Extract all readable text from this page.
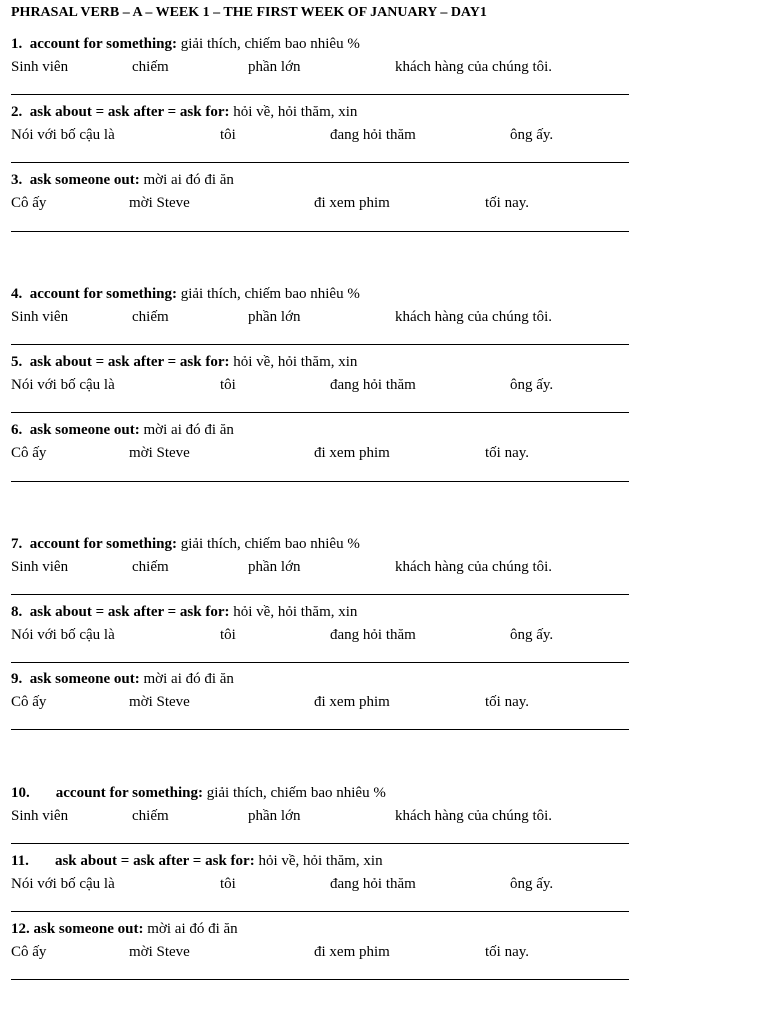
PHRASAL VERB – A – WEEK 1 – THE FIRST WEEK OF JANUARY – DAY1
1. account for something: giải thích, chiếm bao nhiêu %
Sinh viên	chiếm	phần lớn	khách hàng của chúng tôi.
2. ask about = ask after = ask for: hỏi về, hỏi thăm, xin
Nói với bố cậu là	tôi	đang hỏi thăm	ông ấy.
3. ask someone out: mời ai đó đi ăn
Cô ấy	mời Steve	đi xem phim	tối nay.
4. account for something: giải thích, chiếm bao nhiêu %
Sinh viên	chiếm	phần lớn	khách hàng của chúng tôi.
5. ask about = ask after = ask for: hỏi về, hỏi thăm, xin
Nói với bố cậu là	tôi	đang hỏi thăm	ông ấy.
6. ask someone out: mời ai đó đi ăn
Cô ấy	mời Steve	đi xem phim	tối nay.
7. account for something: giải thích, chiếm bao nhiêu %
Sinh viên	chiếm	phần lớn	khách hàng của chúng tôi.
8. ask about = ask after = ask for: hỏi về, hỏi thăm, xin
Nói với bố cậu là	tôi	đang hỏi thăm	ông ấy.
9. ask someone out: mời ai đó đi ăn
Cô ấy	mời Steve	đi xem phim	tối nay.
10. account for something: giải thích, chiếm bao nhiêu %
Sinh viên	chiếm	phần lớn	khách hàng của chúng tôi.
11. ask about = ask after = ask for: hỏi về, hỏi thăm, xin
Nói với bố cậu là	tôi	đang hỏi thăm	ông ấy.
12. ask someone out: mời ai đó đi ăn
Cô ấy	mời Steve	đi xem phim	tối nay.
